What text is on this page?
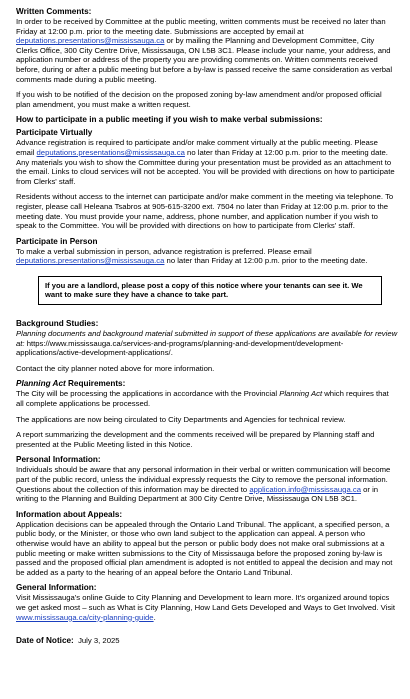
Written Comments:

In order to be received by Committee at the public meeting, written comments must be received no later than Friday at 12:00 p.m. prior to the meeting date. Submissions are accepted by email at deputations.presentations@mississauga.ca or by mailing the Planning and Development Committee, City Clerks Office, 300 City Centre Drive, Mississauga, ON L5B 3C1. Please include your name, your address, and application number or address of the property you are providing comments on. Written comments received before, during or after a public meeting but before a by-law is passed receive the same consideration as verbal comments made during a public meeting.

If you wish to be notified of the decision on the proposed zoning by-law amendment and/or proposed official plan amendment, you must make a written request.

How to participate in a public meeting if you wish to make verbal submissions:

Participate Virtually

Advance registration is required to participate and/or make comment virtually at the public meeting. Please email deputations.presentations@mississauga.ca no later than Friday at 12:00 p.m. prior to the meeting date. Any materials you wish to show the Committee during your presentation must be provided as an attachment to the email. Links to cloud services will not be accepted. You will be provided with directions on how to participate from Clerks' staff.

Residents without access to the internet can participate and/or make comment in the meeting via telephone. To register, please call Heleana Tsabros at 905-615-3200 ext. 7504 no later than Friday at 12:00 p.m. prior to the meeting date. You must provide your name, address, phone number, and application number if you wish to speak to the Committee. You will be provided with directions on how to participate from Clerks' staff.

Participate in Person

To make a verbal submission in person, advance registration is preferred. Please email deputations.presentations@mississauga.ca no later than Friday at 12:00 p.m. prior to the meeting date.

If you are a landlord, please post a copy of this notice where your tenants can see it. We want to make sure they have a chance to take part.

Background Studies:

Planning documents and background material submitted in support of these applications are available for review at: https://www.mississauga.ca/services-and-programs/planning-and-development/development-applications/active-development-applications/.

Contact the city planner noted above for more information.

Planning Act Requirements:

The City will be processing the applications in accordance with the Provincial Planning Act which requires that all complete applications be processed.

The applications are now being circulated to City Departments and Agencies for technical review.

A report summarizing the development and the comments received will be prepared by Planning staff and presented at the Public Meeting listed in this Notice.

Personal Information:

Individuals should be aware that any personal information in their verbal or written communication will become part of the public record, unless the individual expressly requests the City to remove the personal information. Questions about the collection of this information may be directed to application.info@mississauga.ca or in writing to the Planning and Building Department at 300 City Centre Drive, Mississauga ON L5B 3C1.

Information about Appeals:

Application decisions can be appealed through the Ontario Land Tribunal. The applicant, a specified person, a public body, or the Minister, or those who own land subject to the application can appeal. A person who otherwise would have an ability to appeal but the person or public body does not make oral submissions at a public meeting or make written submissions to the City of Mississauga before the proposed zoning by-law is passed and the proposed official plan amendment is adopted is not entitled to appeal the decision and may not be added as a party to the hearing of an appeal before the Ontario Land Tribunal.

General Information:

Visit Mississauga's online Guide to City Planning and Development to learn more. It's organized around topics we get asked most – such as What is City Planning, How Land Gets Developed and Ways to Get Involved. Visit www.mississauga.ca/city-planning-guide.

Date of Notice: July 3, 2025
